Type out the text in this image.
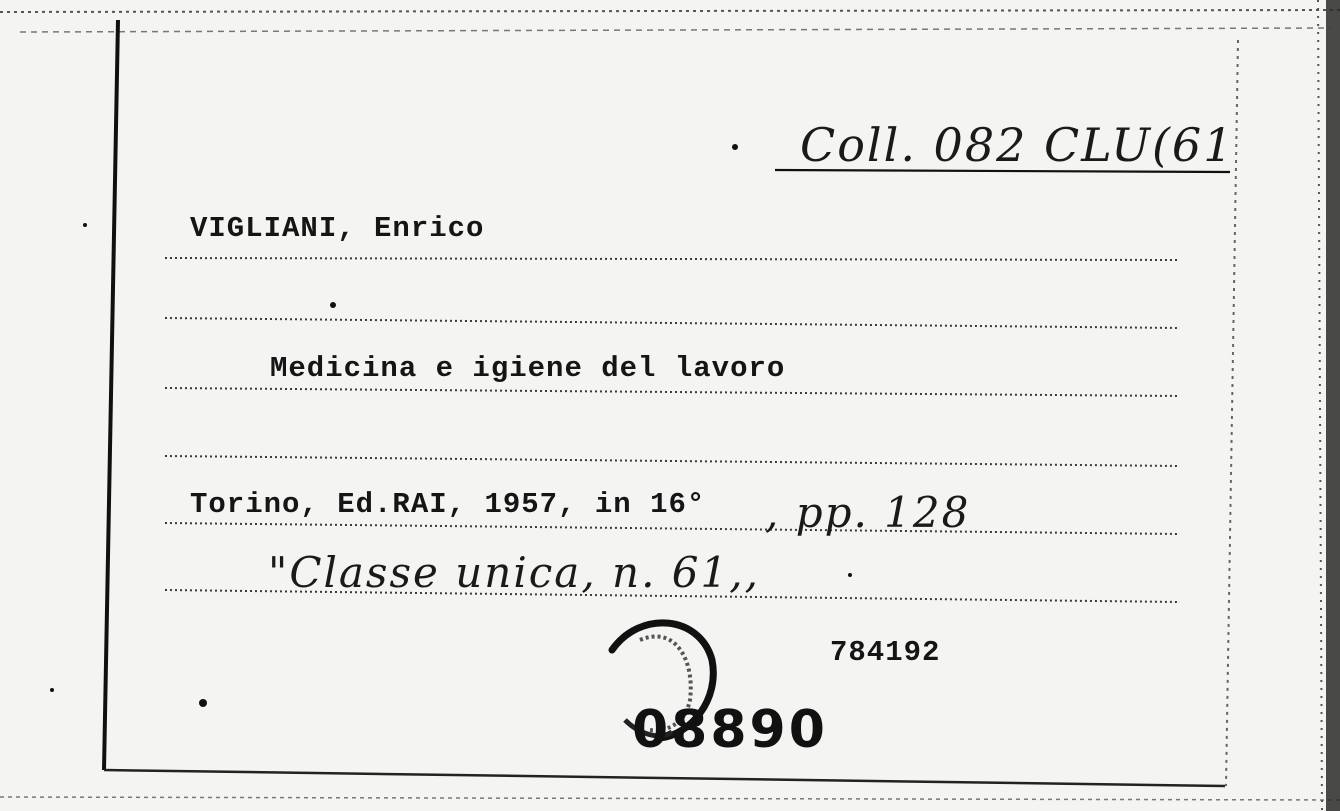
Coll. 082 CLU(61
VIGLIANI, Enrico
Medicina e igiene del lavoro
Torino, Ed.RAI, 1957, in 16° , pp. 128
"Classe unica, n. 61,,
784192
08890
